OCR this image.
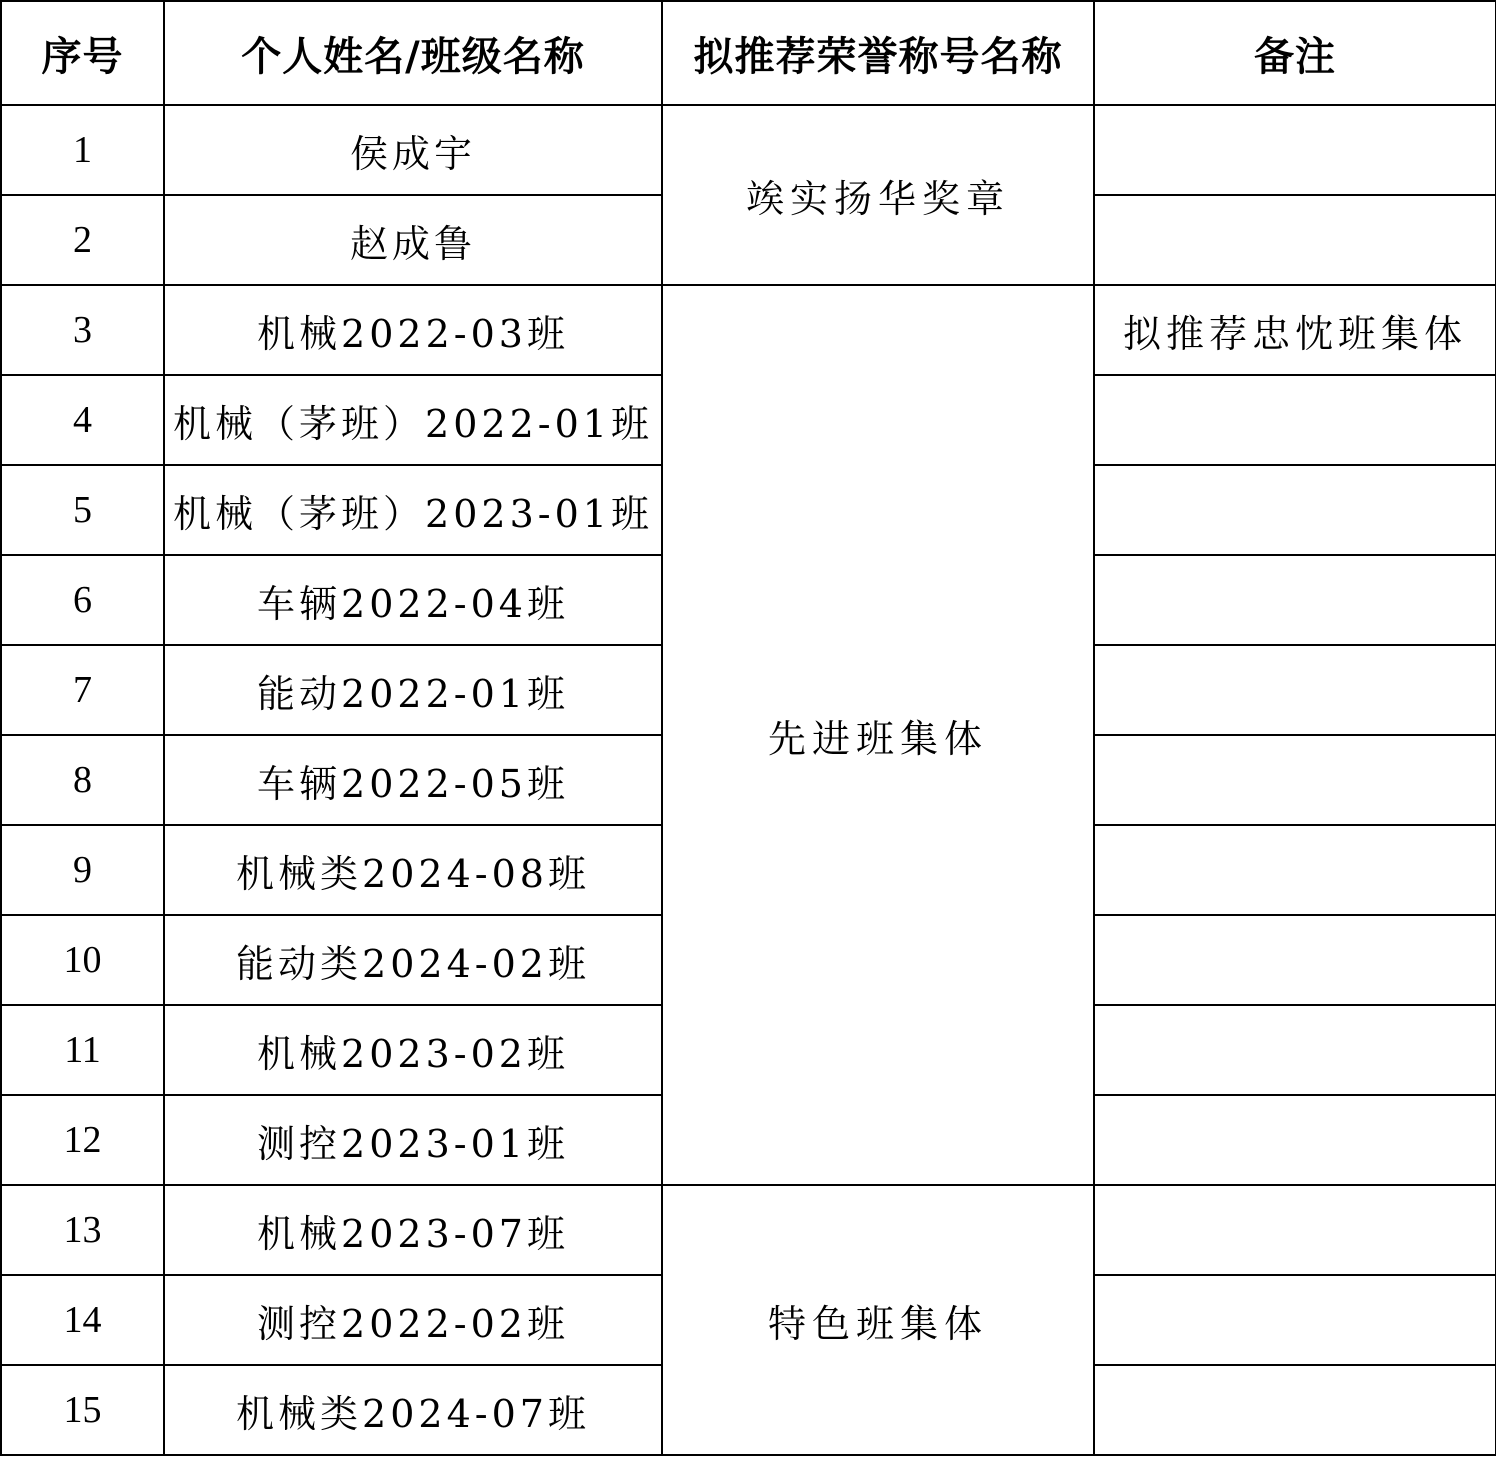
序号	个人姓名/班级名称	拟推荐荣誉称号名称	备注
1	侯成宇	竢实扬华奖章	
2	赵成鲁		
3	机械2022-03班	先进班集体	拟推荐忠忱班集体
4	机械（茅班）2022-01班		
5	机械（茅班）2023-01班		
6	车辆2022-04班		
7	能动2022-01班		
8	车辆2022-05班		
9	机械类2024-08班		
10	能动类2024-02班		
11	机械2023-02班		
12	测控2023-01班		
13	机械2023-07班	特色班集体	
14	测控2022-02班		
15	机械类2024-07班		
